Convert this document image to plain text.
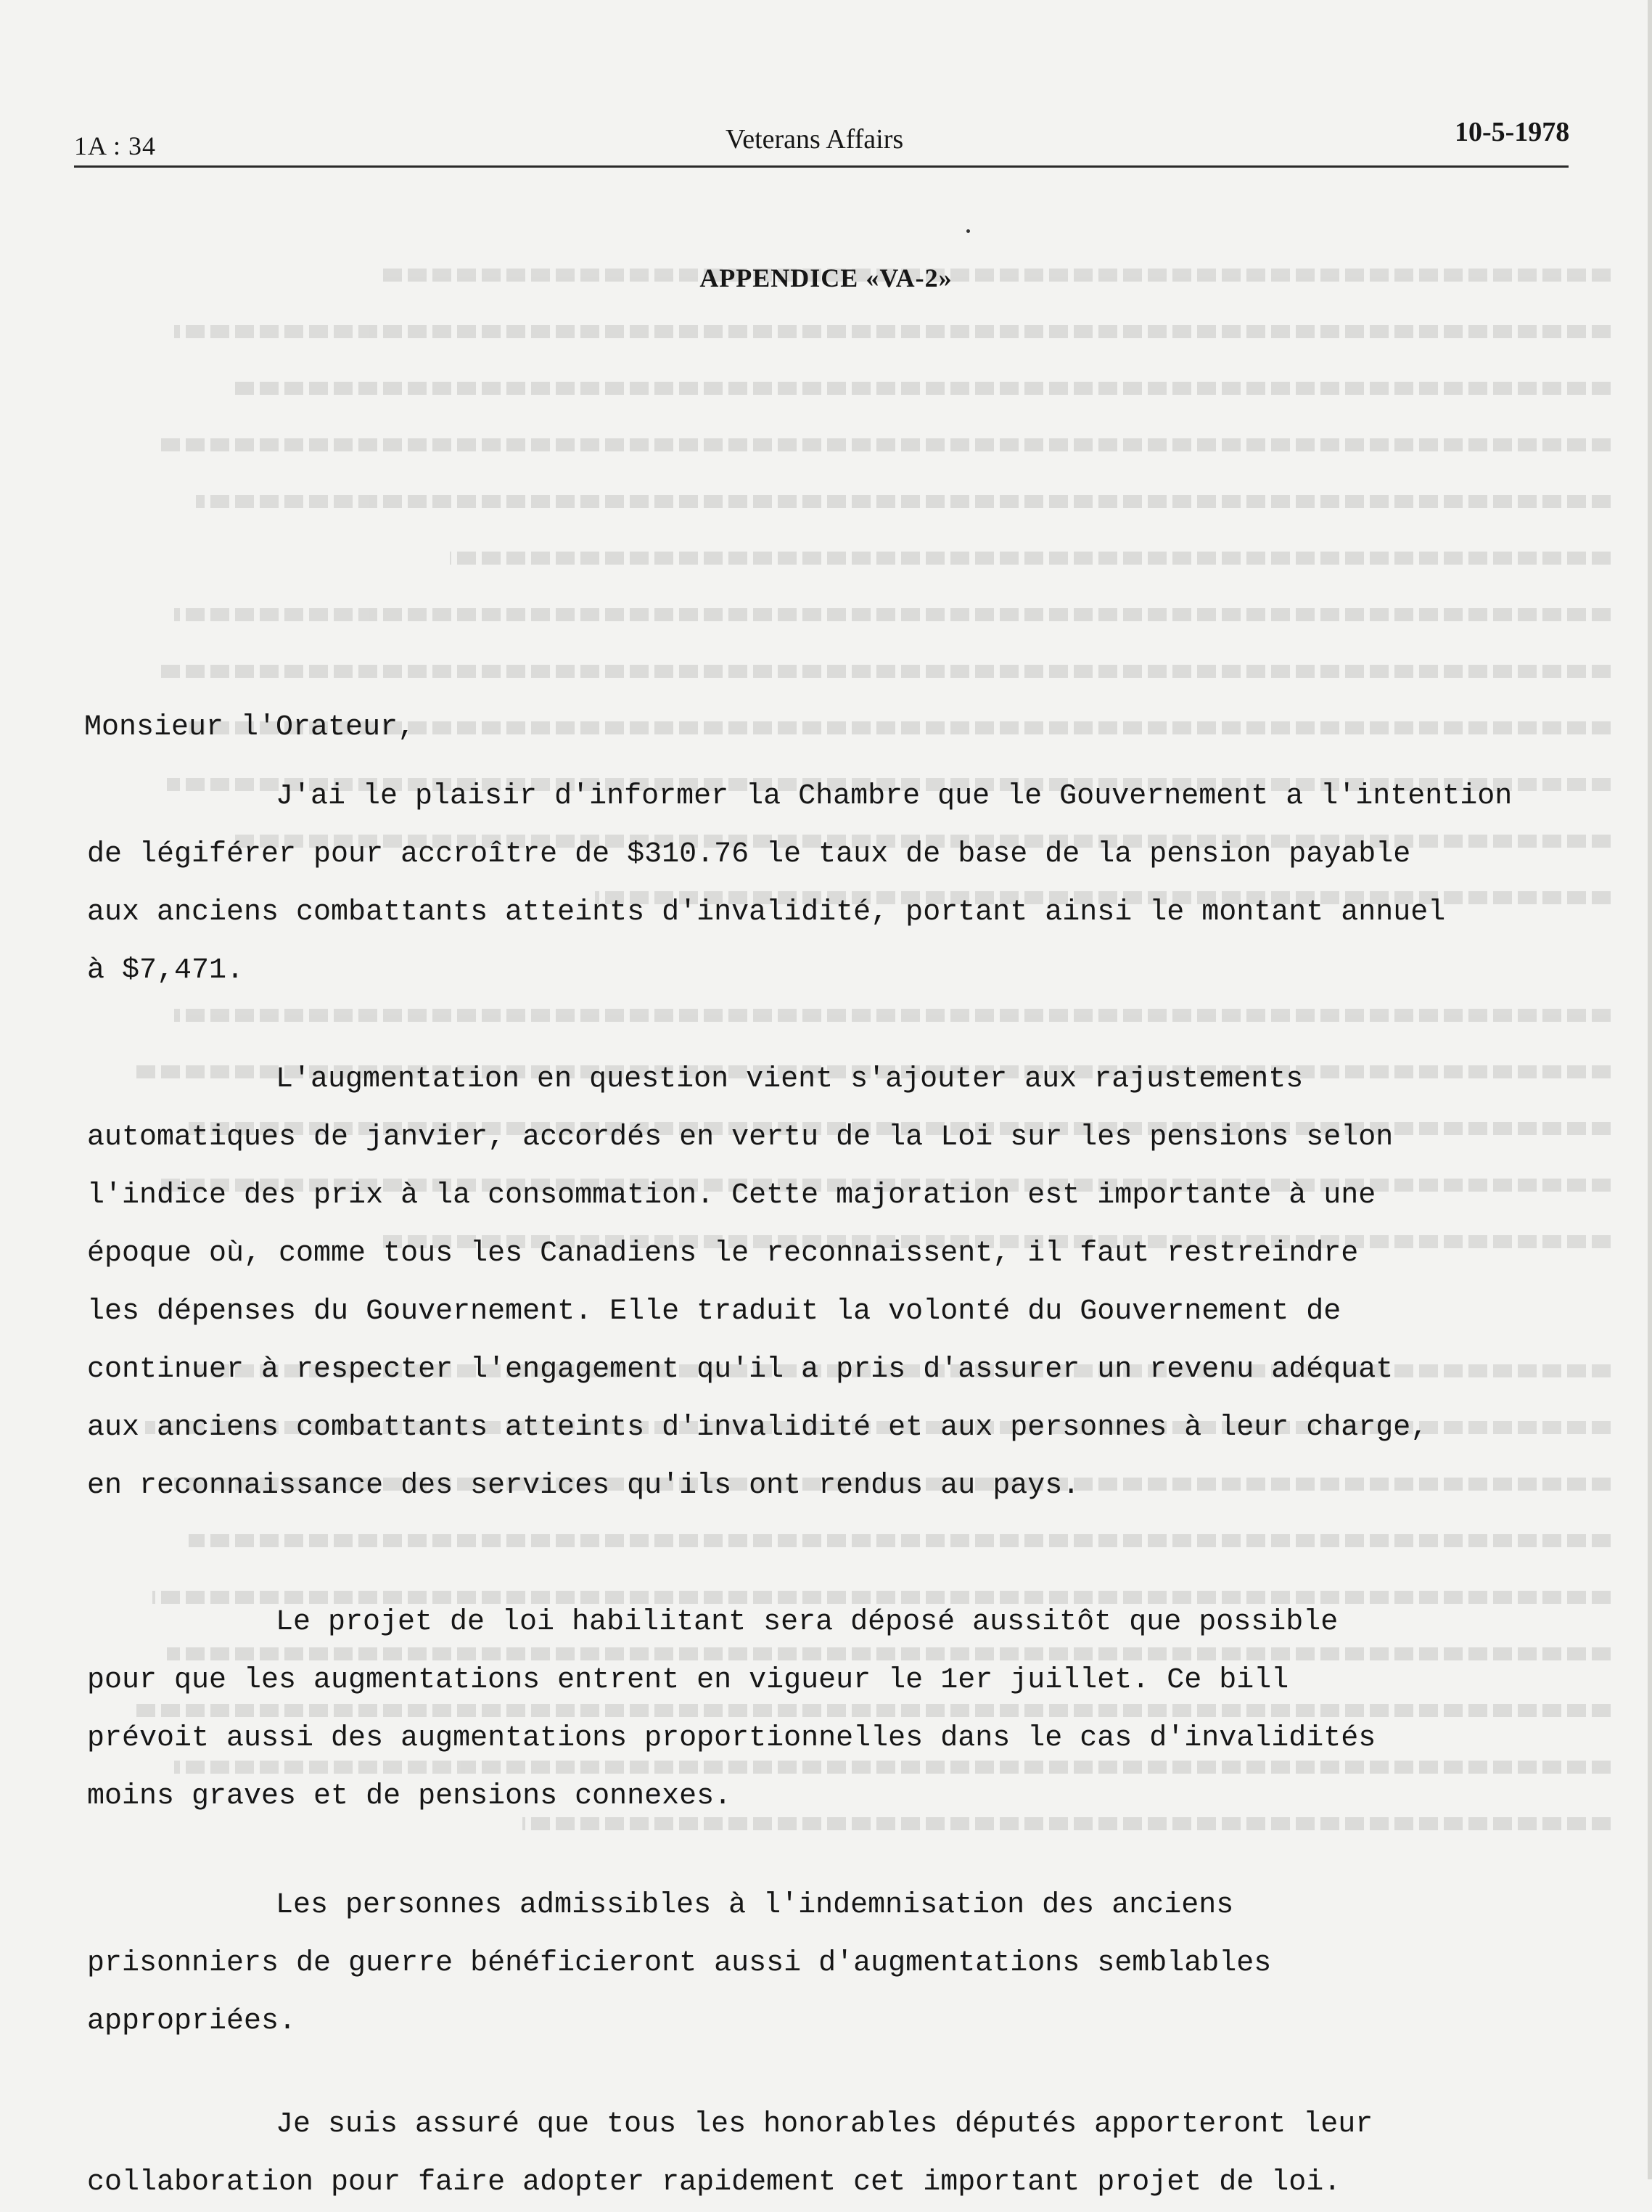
1A : 34	Veterans Affairs	10-5-1978
APPENDICE «VA-2»
Monsieur l'Orateur,

J'ai le plaisir d'informer la Chambre que le Gouvernement a l'intention
de légiférer pour accroître de $310.76 le taux de base de la pension payable
aux anciens combattants atteints d'invalidité, portant ainsi le montant annuel
à $7,471.

L'augmentation en question vient s'ajouter aux rajustements
automatiques de janvier, accordés en vertu de la Loi sur les pensions selon
l'indice des prix à la consommation. Cette majoration est importante à une
époque où, comme tous les Canadiens le reconnaissent, il faut restreindre
les dépenses du Gouvernement. Elle traduit la volonté du Gouvernement de
continuer à respecter l'engagement qu'il a pris d'assurer un revenu adéquat
aux anciens combattants atteints d'invalidité et aux personnes à leur charge,
en reconnaissance des services qu'ils ont rendus au pays.

Le projet de loi habilitant sera déposé aussitôt que possible
pour que les augmentations entrent en vigueur le 1er juillet. Ce bill
prévoit aussi des augmentations proportionnelles dans le cas d'invalidités
moins graves et de pensions connexes.

Les personnes admissibles à l'indemnisation des anciens
prisonniers de guerre bénéficieront aussi d'augmentations semblables
appropriées.

Je suis assuré que tous les honorables députés apporteront leur
collaboration pour faire adopter rapidement cet important projet de loi.
